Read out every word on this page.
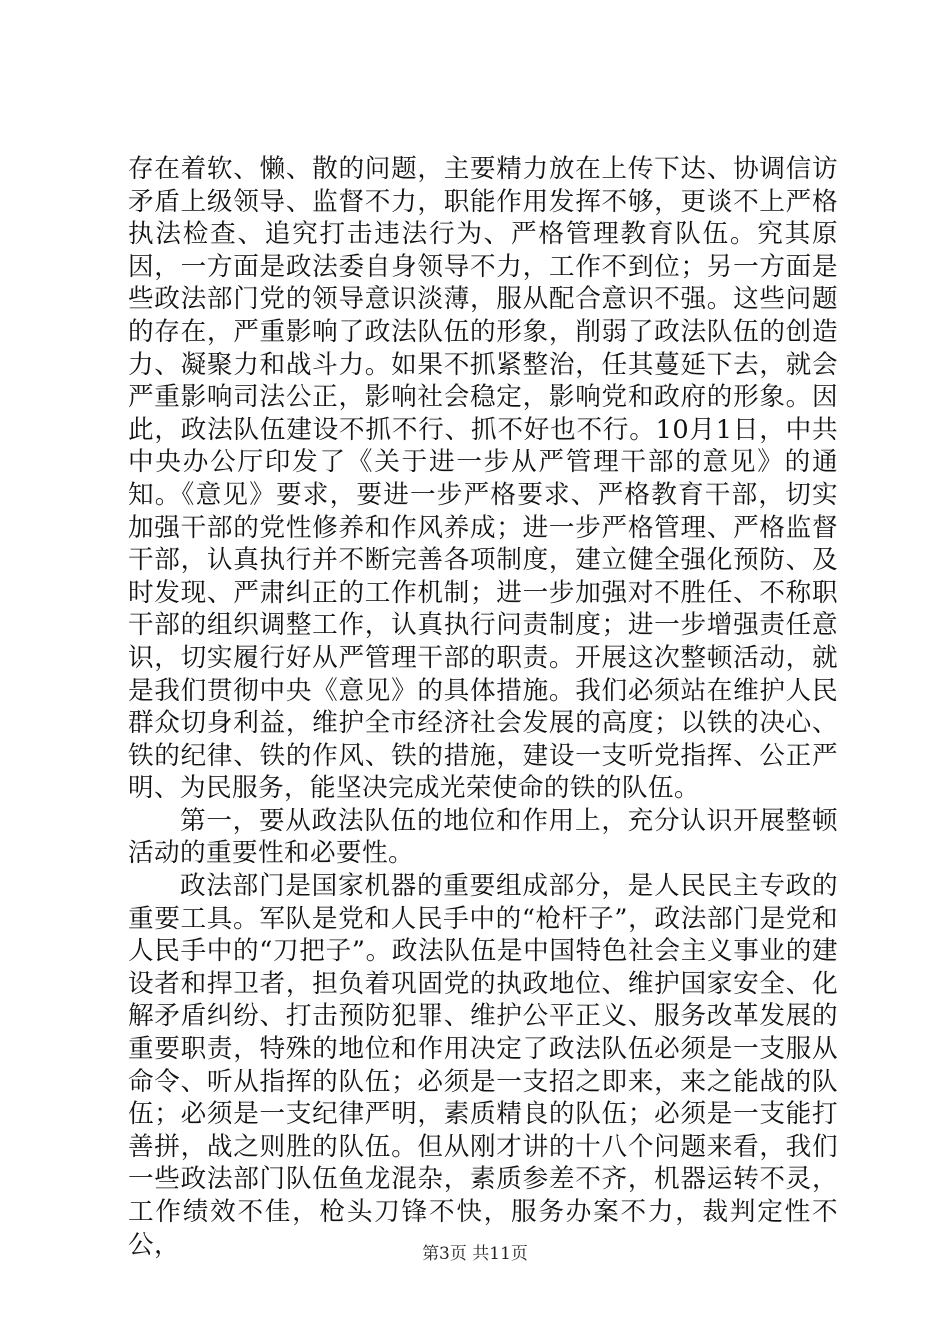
存在着软、懒、散的问题，主要精力放在上传下达、协调信访矛盾上级领导、监督不力，职能作用发挥不够，更谈不上严格执法检查、追究打击违法行为、严格管理教育队伍。究其原因，一方面是政法委自身领导不力，工作不到位；另一方面是些政法部门党的领导意识淡薄，服从配合意识不强。这些问题的存在，严重影响了政法队伍的形象，削弱了政法队伍的创造力、凝聚力和战斗力。如果不抓紧整治，任其蔓延下去，就会严重影响司法公正，影响社会稳定，影响党和政府的形象。因此，政法队伍建设不抓不行、抓不好也不行。10月1日，中共中央办公厅印发了《关于进一步从严管理干部的意见》的通知。《意见》要求，要进一步严格要求、严格教育干部，切实加强干部的党性修养和作风养成；进一步严格管理、严格监督干部，认真执行并不断完善各项制度，建立健全强化预防、及时发现、严肃纠正的工作机制；进一步加强对不胜任、不称职干部的组织调整工作，认真执行问责制度；进一步增强责任意识，切实履行好从严管理干部的职责。开展这次整顿活动，就是我们贯彻中央《意见》的具体措施。我们必须站在维护人民群众切身利益，维护全市经济社会发展的高度；以铁的决心、铁的纪律、铁的作风、铁的措施，建设一支听党指挥、公正严明、为民服务，能坚决完成光荣使命的铁的队伍。

第一，要从政法队伍的地位和作用上，充分认识开展整顿活动的重要性和必要性。

政法部门是国家机器的重要组成部分，是人民民主专政的重要工具。军队是党和人民手中的“枪杆子”，政法部门是党和人民手中的“刀把子”。政法队伍是中国特色社会主义事业的建设者和捍卫者，担负着巩固党的执政地位、维护国家安全、化解矛盾纠纷、打击预防犯罪、维护公平正义、服务改革发展的重要职责，特殊的地位和作用决定了政法队伍必须是一支服从命令、听从指挥的队伍；必须是一支招之即来，来之能战的队伍；必须是一支纪律严明，素质精良的队伍；必须是一支能打善拼，战之则胜的队伍。但从刚才讲的十八个问题来看，我们一些政法部门队伍鱼龙混杂，素质参差不齐，机器运转不灵，工作绩效不佳，枪头刀锋不快，服务办案不力，裁判定性不公，	第3页 共11页
